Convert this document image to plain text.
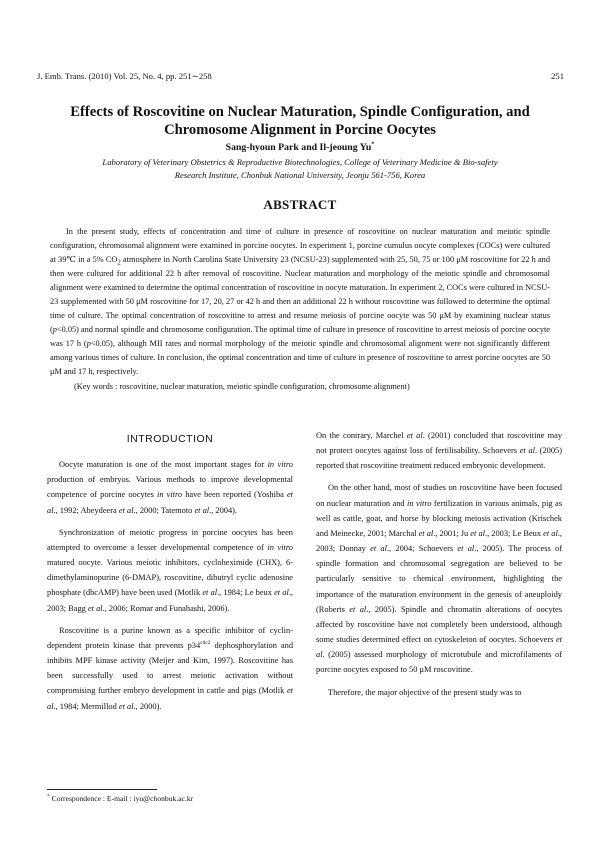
J. Emb. Trans. (2010) Vol. 25, No. 4, pp. 251∼258	251
Effects of Roscovitine on Nuclear Maturation, Spindle Configuration, and
Chromosome Alignment in Porcine Oocytes
Sang-hyoun Park and Il-jeoung Yu*
Laboratory of Veterinary Obstetrics & Reproductive Biotechnologies, College of Veterinary Medicine & Bio-safety
Research Institute, Chonbuk National University, Jeonju 561-756, Korea
ABSTRACT

In the present study, effects of concentration and time of culture in presence of roscovitine on nuclear maturation and meiotic spindle configuration, chromosomal alignment were examined in porcine oocytes. In experiment 1, porcine cumulus oocyte complexes (COCs) were cultured at 39℃ in a 5% $CO_2$ atmosphere in North Carolina State University 23 (NCSU-23) supplemented with 25, 50, 75 or 100 μM roscovitine for 22 h and then were cultured for additional 22 h after removal of roscovitine. Nuclear maturation and morphology of the meiotic spindle and chromosomal alignment were examined to determine the optimal concentration of roscovitine in oocyte maturation. In experiment 2, COCs were cultured in NCSU-23 supplemented with 50 μM roscovitine for 17, 20, 27 or 42 h and then an additional 22 h without roscovitine was followed to determine the optimal time of culture. The optimal concentration of roscovitine to arrest and resume meiosis of porcine oocyte was 50 μM by examining nuclear status (p<0.05) and normal spindle and chromosome configuration. The optimal time of culture in presence of roscovitine to arrest meiosis of porcine oocyte was 17 h (p<0.05), although MII rates and normal morphology of the meiotic spindle and chromosomal alignment were not significantly different among various times of culture. In conclusion, the optimal concentration and time of culture in presence of roscovitine to arrest porcine oocytes are 50 μM and 17 h, respectively.

(Key words : roscovitine, nuclear maturation, meiotic spindle configuration, chromosome alignment)

INTRODUCTION

Oocyte maturation is one of the most important stages for in vitro production of embryos. Various methods to improve developmental competence of porcine oocytes in vitro have been reported (Yoshiba et al., 1992; Abeydeera et al., 2000; Tatemoto et al., 2004).

Synchronization of meiotic progress in porcine oocytes has been attempted to overcome a lesser developmental competence of in vitro matured oocyte. Various meiotic inhibitors, cycloheximide (CHX), 6-dimethylaminopurine (6-DMAP), roscovitine, dibutryl cyclic adenosine phosphate (dbcAMP) have been used (Motlik et al., 1984; Le beux et al., 2003; Bagg et al., 2006; Romar and Funahashi, 2006).

Roscovitine is a purine known as a specific inhibitor of cyclin-dependent protein kinase that prevents $p34^{cdc2}$ dephosphorylation and inhibits MPF kinase activity (Meijer and Kim, 1997). Roscovitine has been successfully used to arrest meiotic activation without compromising further embryo development in cattle and pigs (Motlik et al., 1984; Mermillod et al., 2000).

On the contrary, Marchel et al. (2001) concluded that roscovitine may not protect oocytes against loss of fertilisability. Schoevers et al. (2005) reported that roscovitine treatment reduced embryonic development.

On the other hand, most of studies on roscovitine have been focused on nuclear maturation and in vitro fertilization in various animals, pig as well as cattle, goat, and horse by blocking meiosis activation (Krischek and Meinecke, 2001; Marchal et al., 2001; Ju et al., 2003; Le Beux et al., 2003; Donnay et al., 2004; Schoevers et al., 2005). The process of spindle formation and chromosomal segregation are believed to be particularly sensitive to chemical environment, highlighting the importance of the maturation environment in the genesis of aneuploidy (Roberts et al., 2005). Spindle and chromatin alterations of oocytes affected by roscovitine have not completely been understood, although some studies determined effect on cytoskeleton of oocytes. Schoevers et al. (2005) assessed morphology of microtubule and microfilaments of porcine oocytes exposed to 50 μM roscovitine.

Therefore, the major objective of the present study was to

* Correspondence : E-mail : iyu@chonbuk.ac.kr
